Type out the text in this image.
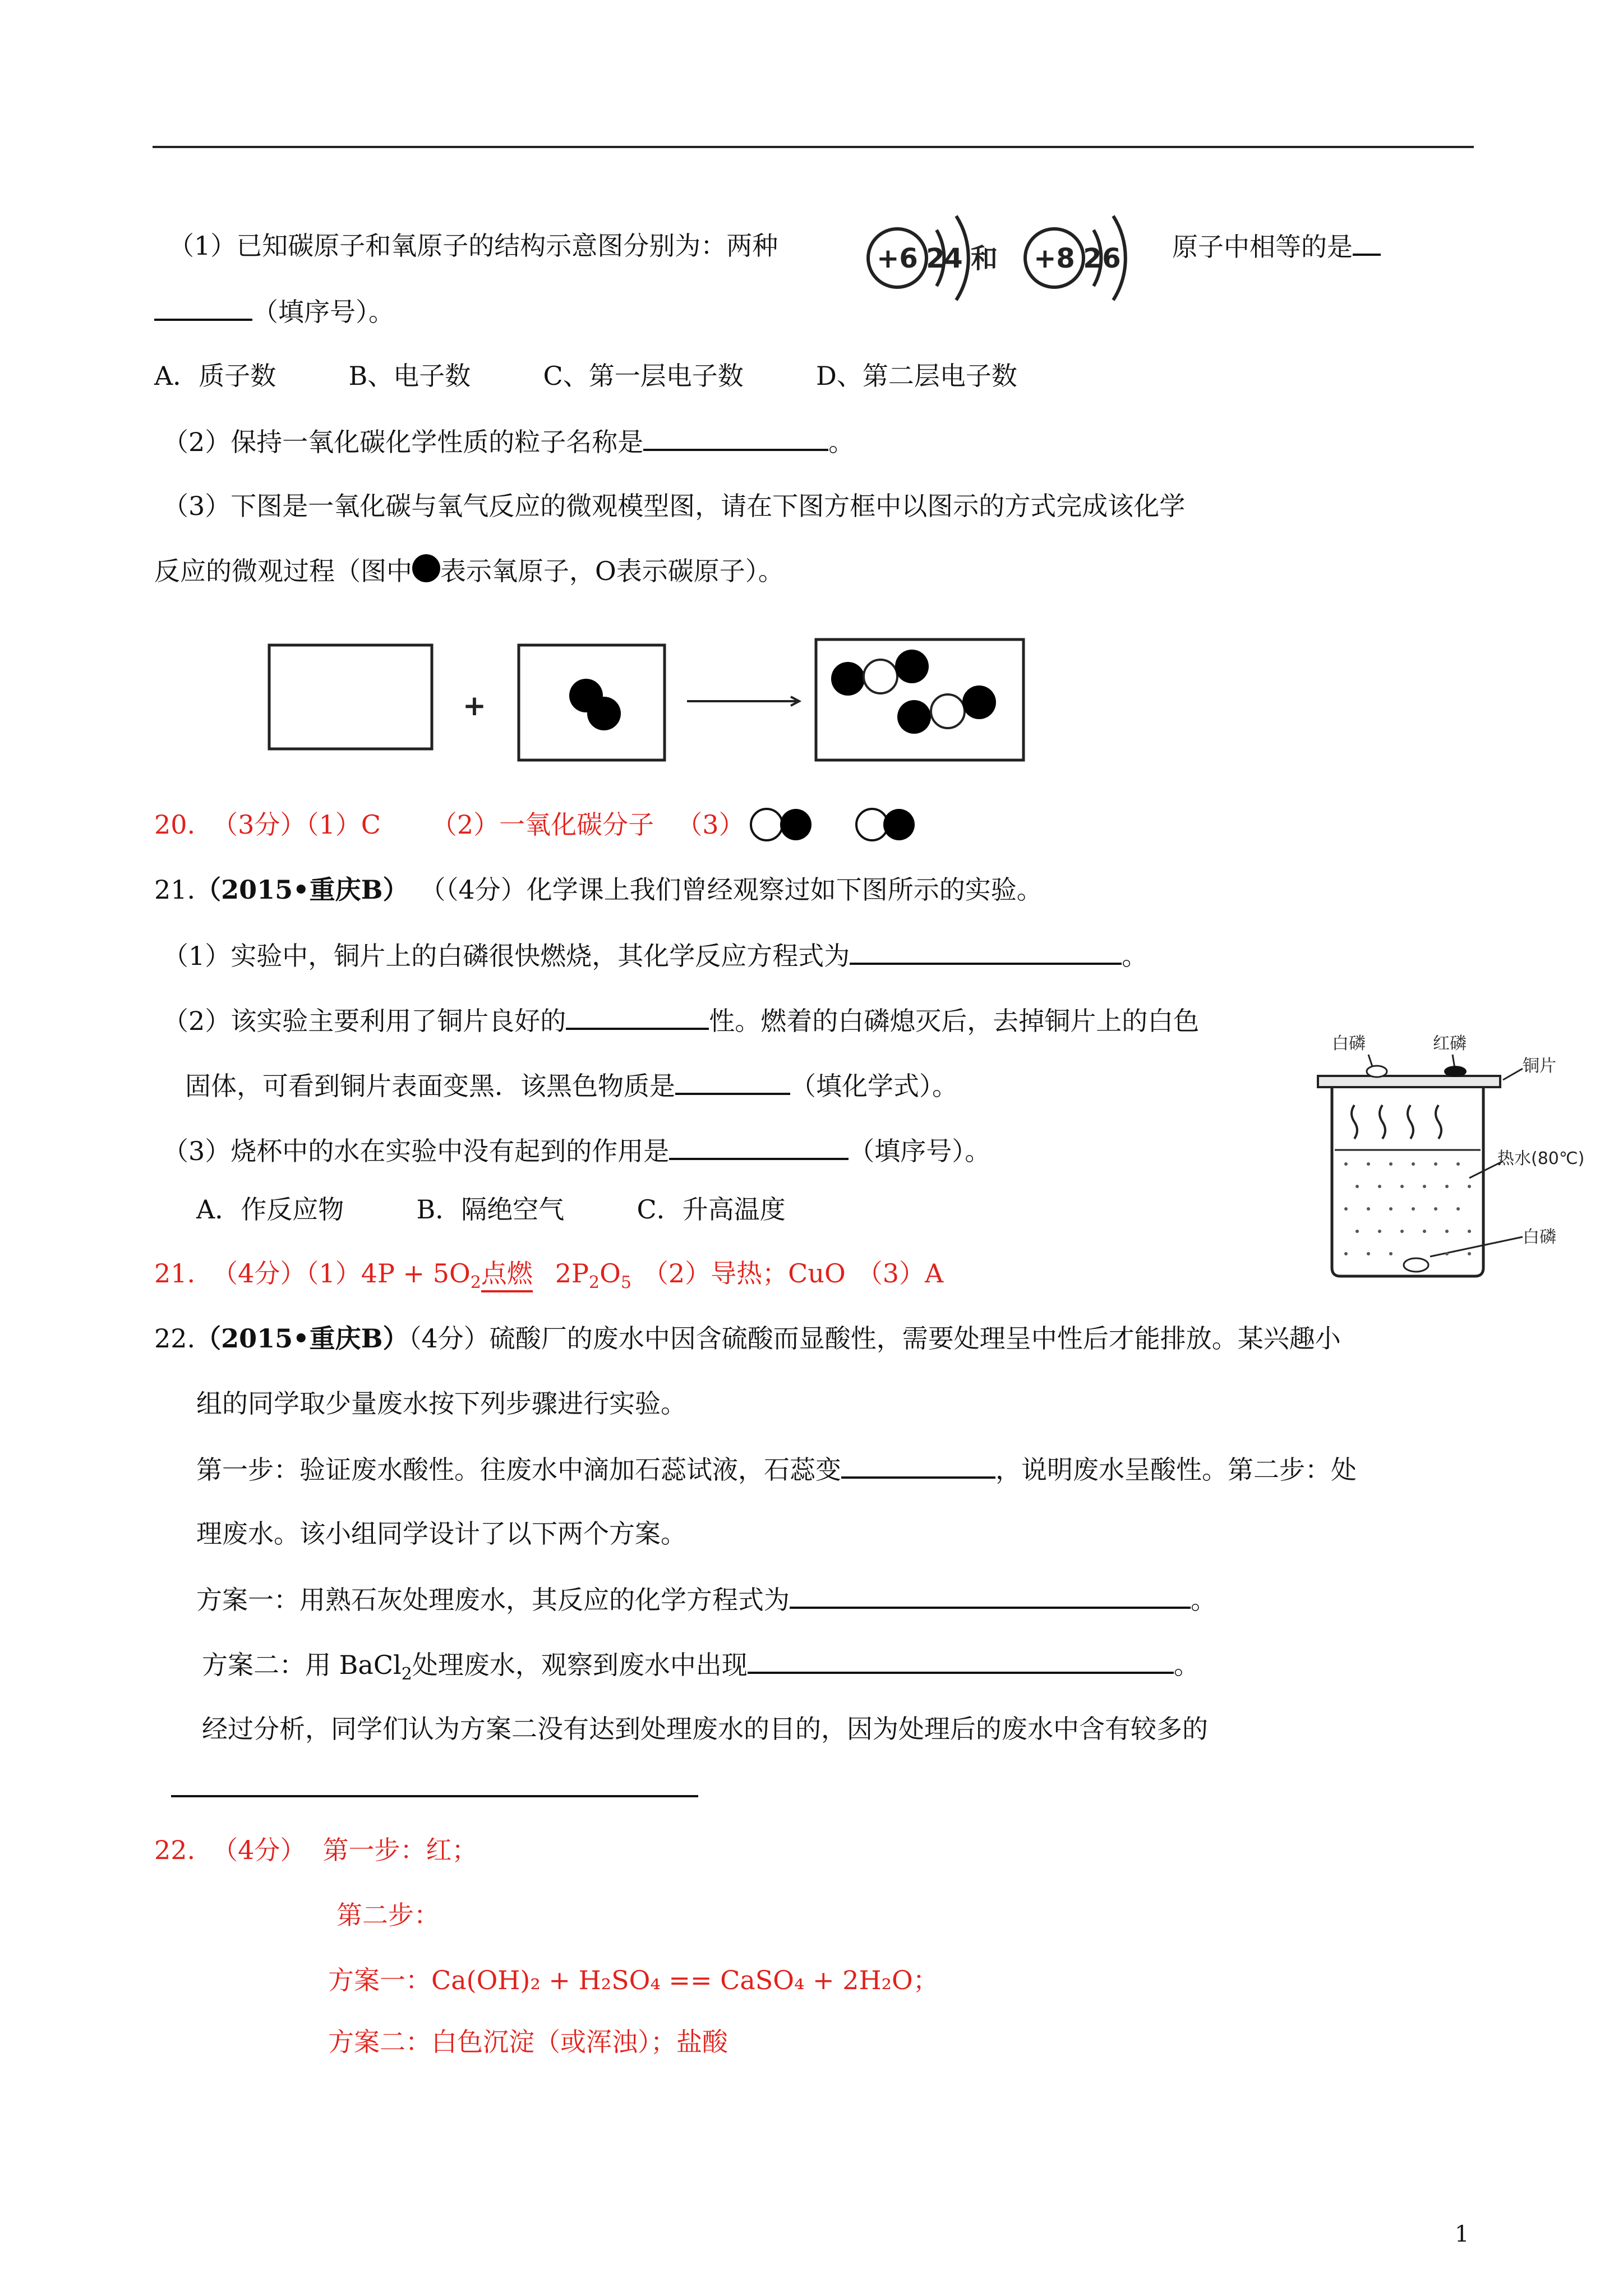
（1）已知碳原子和氧原子的结构示意图分别为：两种	+6 2
4 和 +8 2 6 原子中相等的是
（填序号）。
A．质子数	B、电子数	C、第一层电子数	D、第二层电子数
（2）保持一氧化碳化学性质的粒子名称是	。
（3）下图是一氧化碳与氧气反应的微观模型图，请在下图方框中以图示的方式完成该化学
反应的微观过程（图中 表示氧原子，O表示碳原子）。
+
20. （3分）（1）C （2）一氧化碳分子 （3）
21.（2015•重庆B） （（4分）化学课上我们曾经观察过如下图所示的实验。
（1）实验中，铜片上的白磷很快燃烧，其化学反应方程式为	。
（2）该实验主要利用了铜片良好的	性。燃着的白磷熄灭后，去掉铜片上的白色
固体，可看到铜片表面变黑．该黑色物质是	（填化学式）。
（3）烧杯中的水在实验中没有起到的作用是	（填序号）。
A．作反应物	B．隔绝空气	C．升高温度
白磷	红磷
铜片
热水(80℃)
白磷
21. （4分）$(1)4P + 5O_2$点燃 $2P_2O_5$ （2）导热；CuO （3）A
22.（2015•重庆B）（4分）硫酸厂的废水中因含硫酸而显酸性，需要处理呈中性后才能排放。某兴趣小
组的同学取少量废水按下列步骤进行实验。
第一步：验证废水酸性。往废水中滴加石蕊试液，石蕊变	，说明废水呈酸性。第二步：处
理废水。该小组同学设计了以下两个方案。
方案一：用熟石灰处理废水，其反应的化学方程式为	。
方案二：用 BaCl$_2$处理废水，观察到废水中出现	。
经过分析，同学们认为方案二没有达到处理废水的目的，因为处理后的废水中含有较多的
22. （4分） 第一步：红；
第二步：
方案一：Ca(OH)₂ + H₂SO₄ == CaSO₄ + 2H₂O；
方案二：白色沉淀（或浑浊）；盐酸
1
